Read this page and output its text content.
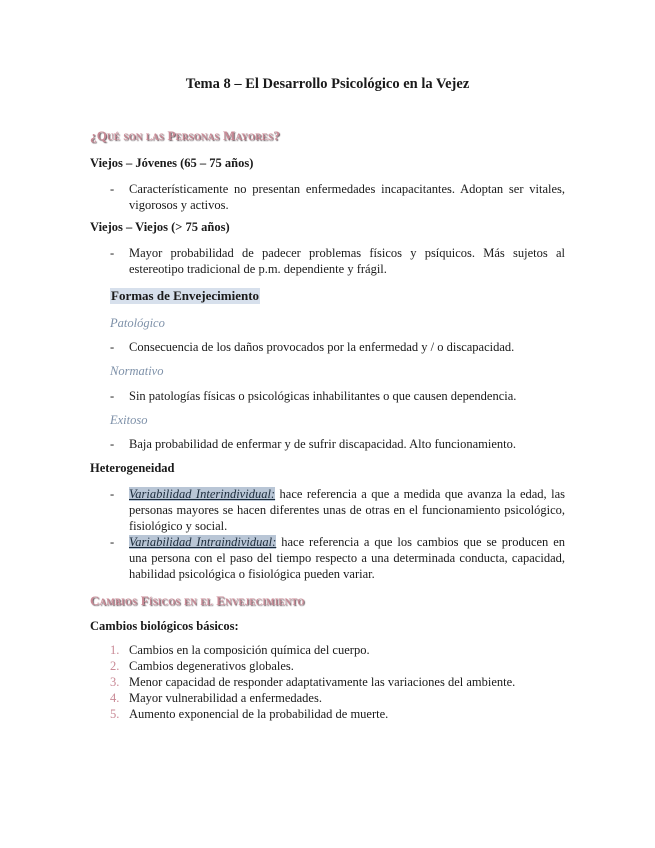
Tema 8 – El Desarrollo Psicológico en la Vejez
¿Qué son las Personas Mayores?
Viejos – Jóvenes (65 – 75 años)
- Característicamente no presentan enfermedades incapacitantes. Adoptan ser vitales, vigorosos y activos.
Viejos – Viejos (> 75 años)
- Mayor probabilidad de padecer problemas físicos y psíquicos. Más sujetos al estereotipo tradicional de p.m. dependiente y frágil.
Formas de Envejecimiento
Patológico
- Consecuencia de los daños provocados por la enfermedad y / o discapacidad.
Normativo
- Sin patologías físicas o psicológicas inhabilitantes o que causen dependencia.
Exitoso
- Baja probabilidad de enfermar y de sufrir discapacidad. Alto funcionamiento.
Heterogeneidad
- Variabilidad Interindividual: hace referencia a que a medida que avanza la edad, las personas mayores se hacen diferentes unas de otras en el funcionamiento psicológico, fisiológico y social.
- Variabilidad Intraindividual: hace referencia a que los cambios que se producen en una persona con el paso del tiempo respecto a una determinada conducta, capacidad, habilidad psicológica o fisiológica pueden variar.
Cambios Físicos en el Envejecimiento
Cambios biológicos básicos:
1. Cambios en la composición química del cuerpo.
2. Cambios degenerativos globales.
3. Menor capacidad de responder adaptativamente las variaciones del ambiente.
4. Mayor vulnerabilidad a enfermedades.
5. Aumento exponencial de la probabilidad de muerte.
